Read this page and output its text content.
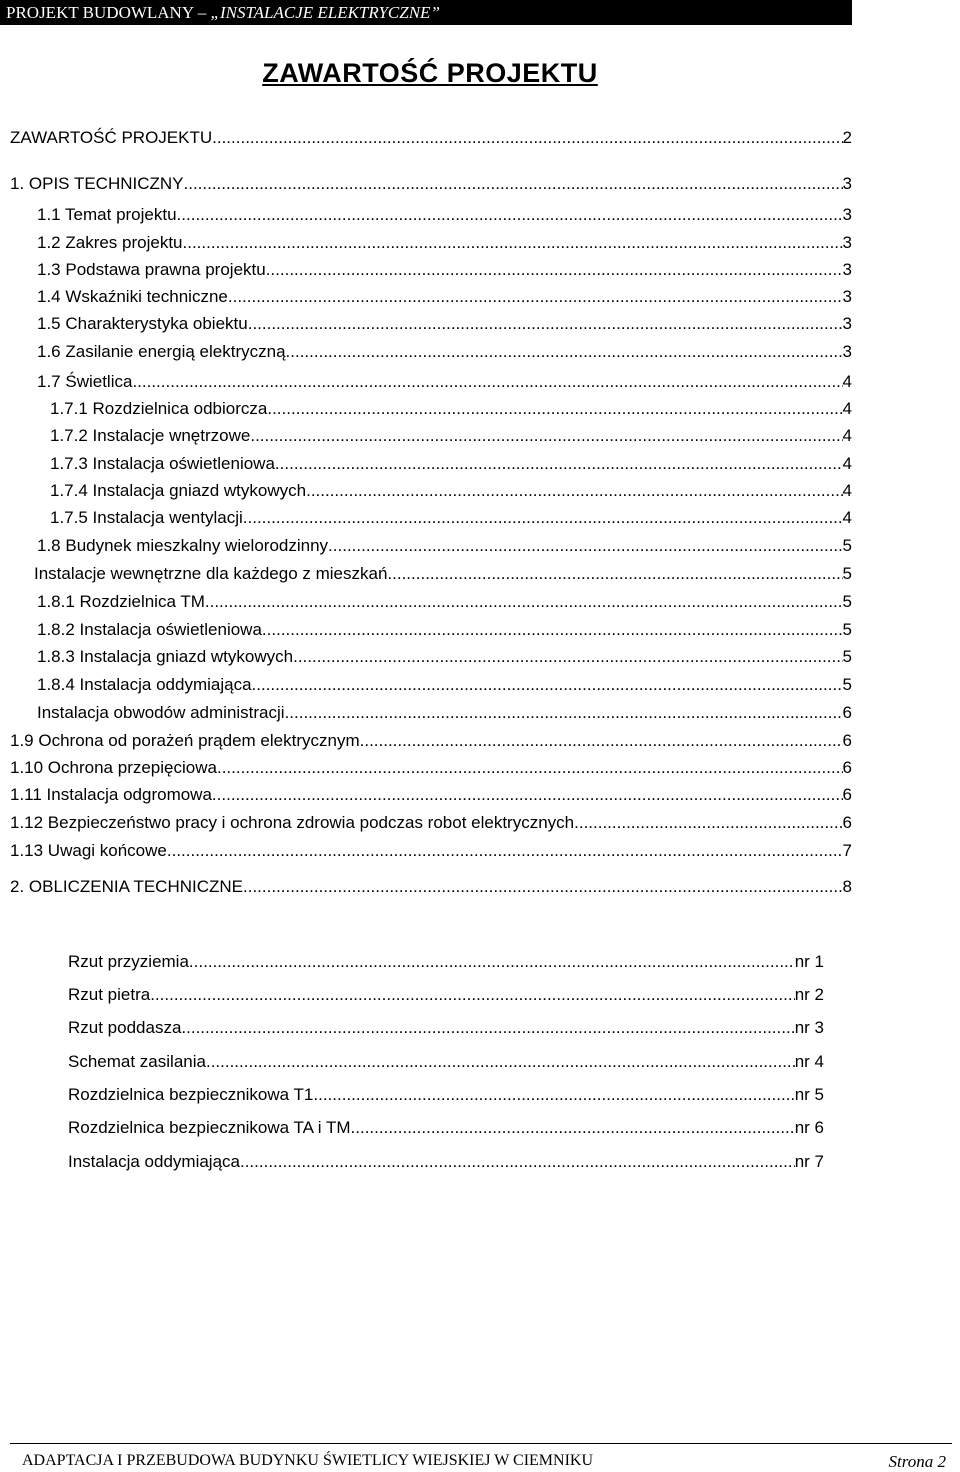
PROJEKT BUDOWLANY – „INSTALACJE ELEKTRYCZNE”
ZAWARTOŚĆ PROJEKTU
ZAWARTOŚĆ PROJEKTU .....	2
1. OPIS TECHNICZNY .....	3
1.1 Temat projektu .....	3
1.2 Zakres projektu .....	3
1.3 Podstawa prawna projektu .....	3
1.4 Wskaźniki techniczne .....	3
1.5 Charakterystyka obiektu .....	3
1.6 Zasilanie energią elektryczną .....	3
1.7 Świetlica .....	4
1.7.1 Rozdzielnica odbiorcza .....	4
1.7.2 Instalacje wnętrzowe .....	4
1.7.3 Instalacja oświetleniowa .....	4
1.7.4 Instalacja gniazd wtykowych .....	4
1.7.5 Instalacja wentylacji .....	4
1.8 Budynek mieszkalny wielorodzinny .....	5
Instalacje wewnętrzne dla każdego z mieszkań .....	5
1.8.1 Rozdzielnica TM .....	5
1.8.2 Instalacja oświetleniowa .....	5
1.8.3 Instalacja gniazd wtykowych .....	5
1.8.4 Instalacja oddymiająca .....	5
Instalacja obwodów administracji .....	6
1.9 Ochrona od porażeń prądem elektrycznym .....	6
1.10 Ochrona przepięciowa .....	6
1.11 Instalacja odgromowa .....	6
1.12 Bezpieczeństwo pracy i ochrona zdrowia podczas robot elektrycznych .....	6
1.13 Uwagi końcowe .....	7
2. OBLICZENIA TECHNICZNE .....	8
Rzut przyziemia .....	nr 1
Rzut pietra .....	nr 2
Rzut poddasza .....	nr 3
Schemat zasilania .....	nr 4
Rozdzielnica bezpiecznikowa T1 .....	nr 5
Rozdzielnica bezpiecznikowa TA i TM .....	nr 6
Instalacja oddymiająca .....	nr 7
ADAPTACJA I PRZEBUDOWA BUDYNKU ŚWIETLICY WIEJSKIEJ W CIEMNIKU	Strona 2
